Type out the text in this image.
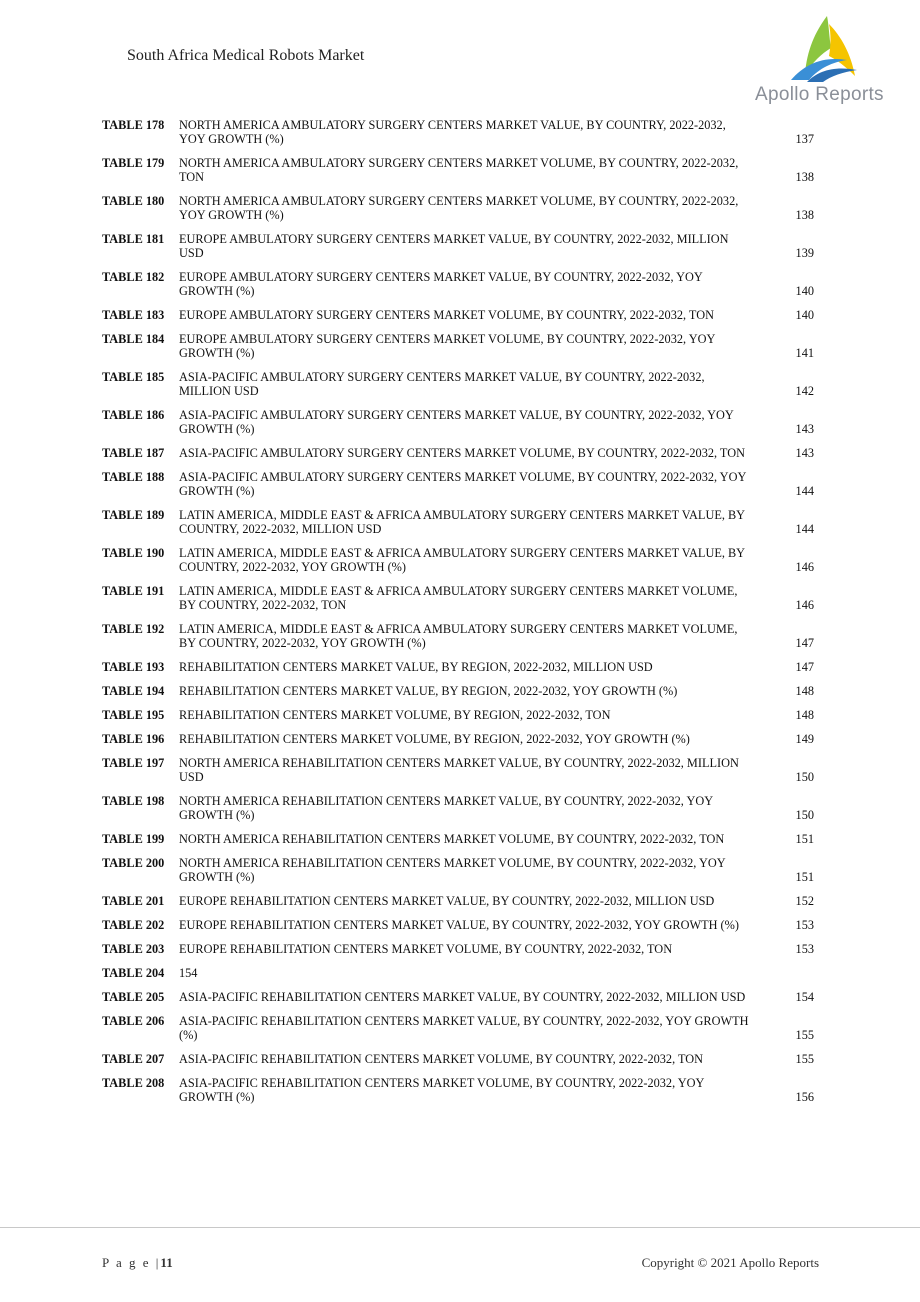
South Africa Medical Robots Market
Apollo Reports
TABLE 178	NORTH AMERICA AMBULATORY SURGERY CENTERS MARKET VALUE, BY COUNTRY, 2022-2032,
YOY GROWTH (%)	137
TABLE 179	NORTH AMERICA AMBULATORY SURGERY CENTERS MARKET VOLUME, BY COUNTRY, 2022-2032,
TON	138
TABLE 180	NORTH AMERICA AMBULATORY SURGERY CENTERS MARKET VOLUME, BY COUNTRY, 2022-2032,
YOY GROWTH (%)	138
TABLE 181	EUROPE AMBULATORY SURGERY CENTERS MARKET VALUE, BY COUNTRY, 2022-2032, MILLION
USD	139
TABLE 182	EUROPE AMBULATORY SURGERY CENTERS MARKET VALUE, BY COUNTRY, 2022-2032, YOY
GROWTH (%)	140
TABLE 183	EUROPE AMBULATORY SURGERY CENTERS MARKET VOLUME, BY COUNTRY, 2022-2032, TON	140
TABLE 184	EUROPE AMBULATORY SURGERY CENTERS MARKET VOLUME, BY COUNTRY, 2022-2032, YOY
GROWTH (%)	141
TABLE 185	ASIA-PACIFIC AMBULATORY SURGERY CENTERS MARKET VALUE, BY COUNTRY, 2022-2032,
MILLION USD	142
TABLE 186	ASIA-PACIFIC AMBULATORY SURGERY CENTERS MARKET VALUE, BY COUNTRY, 2022-2032, YOY
GROWTH (%)	143
TABLE 187	ASIA-PACIFIC AMBULATORY SURGERY CENTERS MARKET VOLUME, BY COUNTRY, 2022-2032, TON	143
TABLE 188	ASIA-PACIFIC AMBULATORY SURGERY CENTERS MARKET VOLUME, BY COUNTRY, 2022-2032, YOY
GROWTH (%)	144
TABLE 189	LATIN AMERICA, MIDDLE EAST & AFRICA AMBULATORY SURGERY CENTERS MARKET VALUE, BY
COUNTRY, 2022-2032, MILLION USD	144
TABLE 190	LATIN AMERICA, MIDDLE EAST & AFRICA AMBULATORY SURGERY CENTERS MARKET VALUE, BY
COUNTRY, 2022-2032, YOY GROWTH (%)	146
TABLE 191	LATIN AMERICA, MIDDLE EAST & AFRICA AMBULATORY SURGERY CENTERS MARKET VOLUME,
BY COUNTRY, 2022-2032, TON	146
TABLE 192	LATIN AMERICA, MIDDLE EAST & AFRICA AMBULATORY SURGERY CENTERS MARKET VOLUME,
BY COUNTRY, 2022-2032, YOY GROWTH (%)	147
TABLE 193	REHABILITATION CENTERS MARKET VALUE, BY REGION, 2022-2032, MILLION USD	147
TABLE 194	REHABILITATION CENTERS MARKET VALUE, BY REGION, 2022-2032, YOY GROWTH (%)	148
TABLE 195	REHABILITATION CENTERS MARKET VOLUME, BY REGION, 2022-2032, TON	148
TABLE 196	REHABILITATION CENTERS MARKET VOLUME, BY REGION, 2022-2032, YOY GROWTH (%)	149
TABLE 197	NORTH AMERICA REHABILITATION CENTERS MARKET VALUE, BY COUNTRY, 2022-2032, MILLION
USD	150
TABLE 198	NORTH AMERICA REHABILITATION CENTERS MARKET VALUE, BY COUNTRY, 2022-2032, YOY
GROWTH (%)	150
TABLE 199	NORTH AMERICA REHABILITATION CENTERS MARKET VOLUME, BY COUNTRY, 2022-2032, TON	151
TABLE 200	NORTH AMERICA REHABILITATION CENTERS MARKET VOLUME, BY COUNTRY, 2022-2032, YOY
GROWTH (%)	151
TABLE 201	EUROPE REHABILITATION CENTERS MARKET VALUE, BY COUNTRY, 2022-2032, MILLION USD	152
TABLE 202	EUROPE REHABILITATION CENTERS MARKET VALUE, BY COUNTRY, 2022-2032, YOY GROWTH (%)	153
TABLE 203	EUROPE REHABILITATION CENTERS MARKET VOLUME, BY COUNTRY, 2022-2032, TON	153
TABLE 204	154
TABLE 205	ASIA-PACIFIC REHABILITATION CENTERS MARKET VALUE, BY COUNTRY, 2022-2032, MILLION USD	154
TABLE 206	ASIA-PACIFIC REHABILITATION CENTERS MARKET VALUE, BY COUNTRY, 2022-2032, YOY GROWTH
(%)	155
TABLE 207	ASIA-PACIFIC REHABILITATION CENTERS MARKET VOLUME, BY COUNTRY, 2022-2032, TON	155
TABLE 208	ASIA-PACIFIC REHABILITATION CENTERS MARKET VOLUME, BY COUNTRY, 2022-2032, YOY
GROWTH (%)	156
P a g e |11	Copyright © 2021 Apollo Reports
